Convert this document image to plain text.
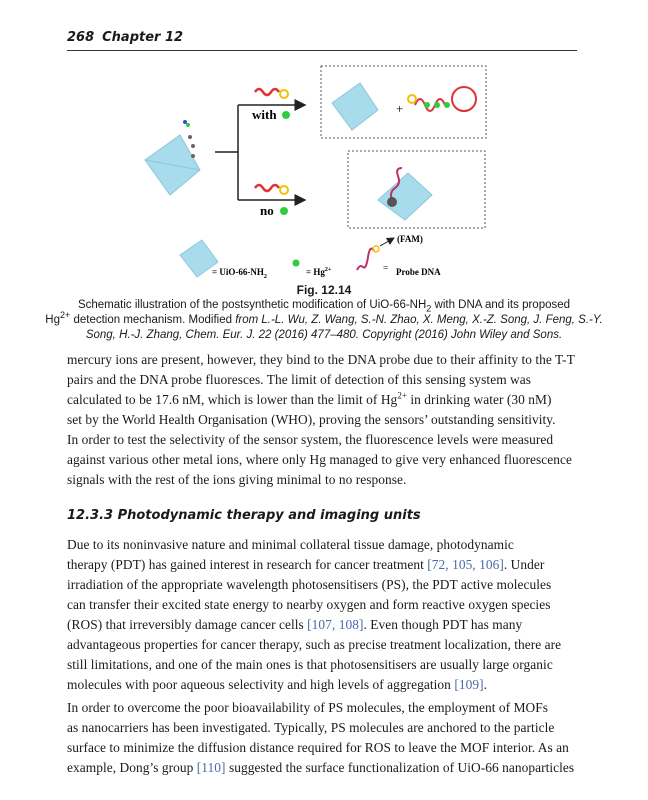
268 Chapter 12
with
no
+
= UiO-$66-NH_2$	= $Hg^{2+}$
(FAM)
= Probe DNA
Fig. 12.14
Schematic illustration of the postsynthetic modification of UiO-$66-NH_2$ with DNA and its proposed
$Hg^{2+}$ detection mechanism. Modified from L.-L. Wu, Z. Wang, S.-N. Zhao, X. Meng, X.-Z. Song, J. Feng, S.-Y.
Song, H.-J. Zhang, Chem. Eur. J. 22 (2016) 477–480. Copyright (2016) John Wiley and Sons.
mercury ions are present, however, they bind to the DNA probe due to their affinity to the T-T
pairs and the DNA probe fluoresces. The limit of detection of this sensing system was
calculated to be 17.6 nM, which is lower than the limit of $Hg^{2+}$ in drinking water (30 nM)
set by the World Health Organisation (WHO), proving the sensors’ outstanding sensitivity.
In order to test the selectivity of the sensor system, the fluorescence levels were measured
against various other metal ions, where only Hg managed to give very enhanced fluorescence
signals with the rest of the ions giving minimal to no response.
12.3.3 Photodynamic therapy and imaging units
Due to its noninvasive nature and minimal collateral tissue damage, photodynamic
therapy (PDT) has gained interest in research for cancer treatment [72, 105, 106]. Under
irradiation of the appropriate wavelength photosensitisers (PS), the PDT active molecules
can transfer their excited state energy to nearby oxygen and form reactive oxygen species
(ROS) that irreversibly damage cancer cells [107, 108]. Even though PDT has many
advantageous properties for cancer therapy, such as precise treatment localization, there are
still limitations, and one of the main ones is that photosensitisers are usually large organic
molecules with poor aqueous selectivity and high levels of aggregation [109].
In order to overcome the poor bioavailability of PS molecules, the employment of MOFs
as nanocarriers has been investigated. Typically, PS molecules are anchored to the particle
surface to minimize the diffusion distance required for ROS to leave the MOF interior. As an
example, Dong’s group [110] suggested the surface functionalization of UiO-66 nanoparticles
